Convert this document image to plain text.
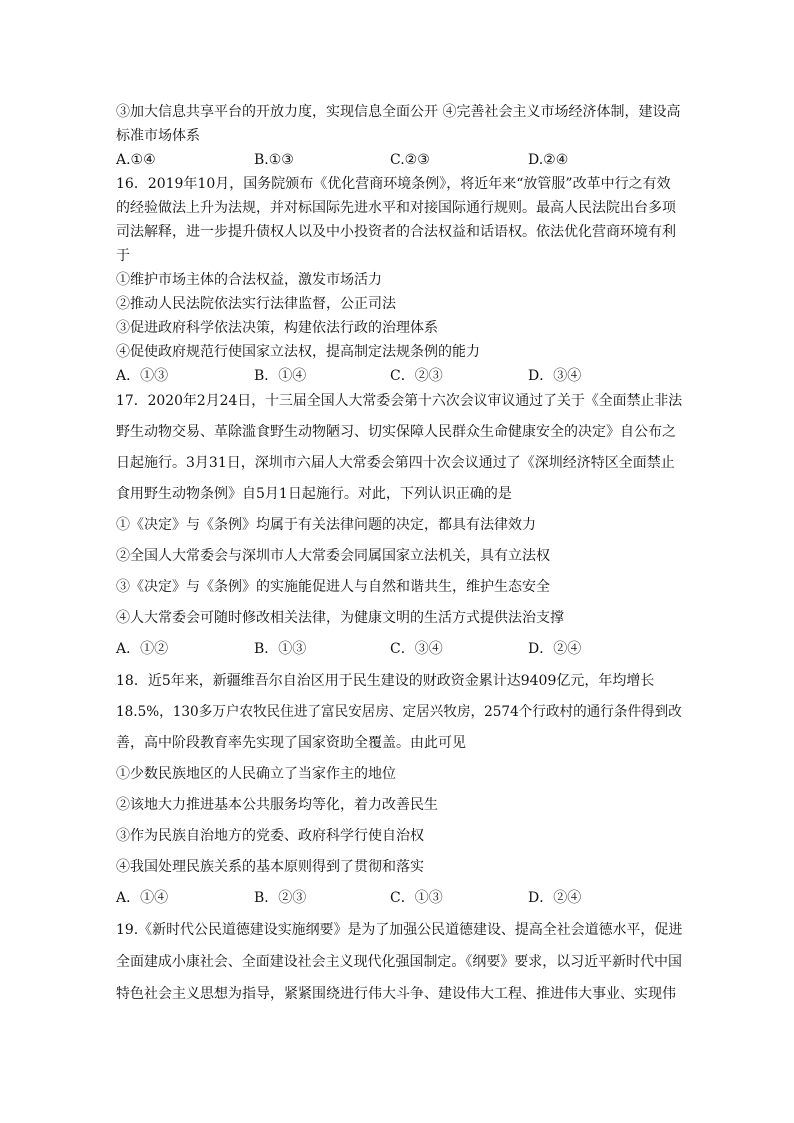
③加大信息共享平台的开放力度，实现信息全面公开 ④完善社会主义市场经济体制，建设高
标准市场体系
A.①④	B.①③	C.②③	D.②④
16．2019年10月，国务院颁布《优化营商环境条例》，将近年来“放管服”改革中行之有效
的经验做法上升为法规，并对标国际先进水平和对接国际通行规则。最高人民法院出台多项
司法解释，进一步提升债权人以及中小投资者的合法权益和话语权。依法优化营商环境有利
于
①维护市场主体的合法权益，激发市场活力
②推动人民法院依法实行法律监督，公正司法
③促进政府科学依法决策，构建依法行政的治理体系
④促使政府规范行使国家立法权，提高制定法规条例的能力
A．①③	B．①④	C．②③	D．③④
17．2020年2月24日，十三届全国人大常委会第十六次会议审议通过了关于《全面禁止非法
野生动物交易、革除滥食野生动物陋习、切实保障人民群众生命健康安全的决定》自公布之
日起施行。3月31日，深圳市六届人大常委会第四十次会议通过了《深圳经济特区全面禁止
食用野生动物条例》自5月1日起施行。对此，下列认识正确的是
①《决定》与《条例》均属于有关法律问题的决定，都具有法律效力
②全国人大常委会与深圳市人大常委会同属国家立法机关，具有立法权
③《决定》与《条例》的实施能促进人与自然和谐共生，维护生态安全
④人大常委会可随时修改相关法律，为健康文明的生活方式提供法治支撑
A．①②	B．①③	C．③④	D．②④
18．近5年来，新疆维吾尔自治区用于民生建设的财政资金累计达9409亿元，年均增长
18.5%，130多万户农牧民住进了富民安居房、定居兴牧房，2574个行政村的通行条件得到改
善，高中阶段教育率先实现了国家资助全覆盖。由此可见
①少数民族地区的人民确立了当家作主的地位
②该地大力推进基本公共服务均等化，着力改善民生
③作为民族自治地方的党委、政府科学行使自治权
④我国处理民族关系的基本原则得到了贯彻和落实
A．①④	B．②③	C．①③	D．②④
19.《新时代公民道德建设实施纲要》是为了加强公民道德建设、提高全社会道德水平，促进
全面建成小康社会、全面建设社会主义现代化强国制定。《纲要》要求，以习近平新时代中国
特色社会主义思想为指导，紧紧围绕进行伟大斗争、建设伟大工程、推进伟大事业、实现伟
